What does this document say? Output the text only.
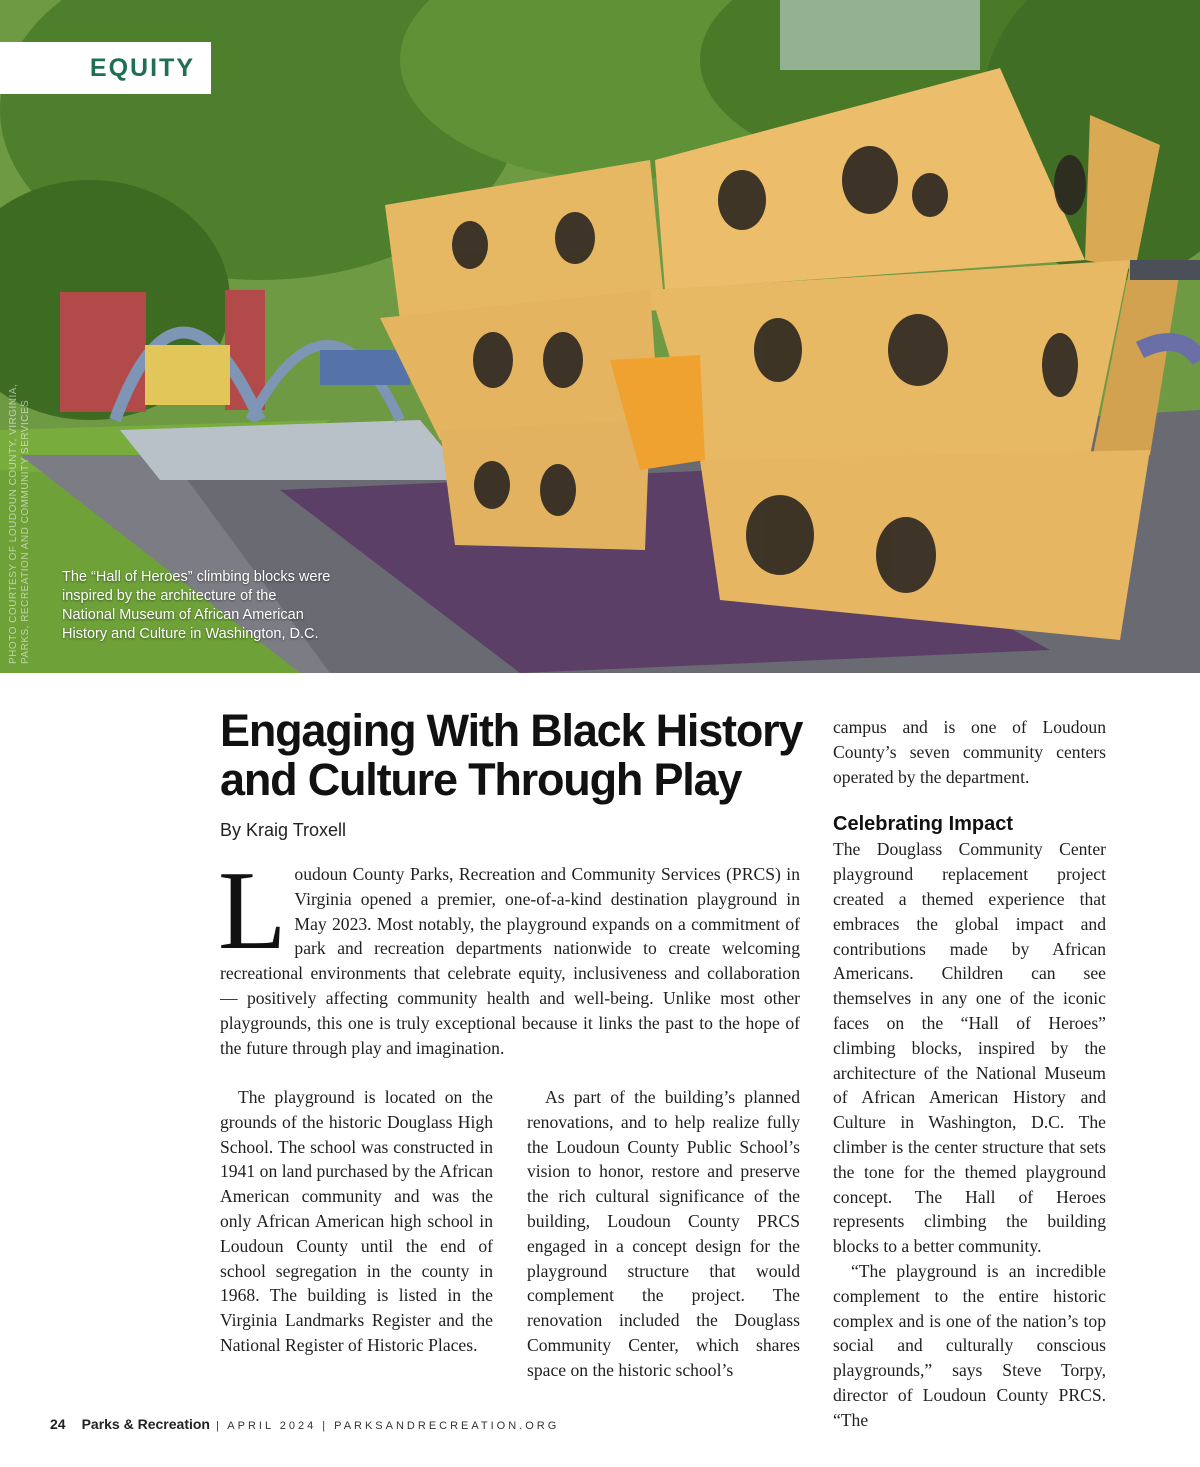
EQUITY
The “Hall of Heroes” climbing blocks were inspired by the architecture of the National Museum of African American History and Culture in Washington, D.C.
PHOTO COURTESY OF LOUDOUN COUNTY, VIRGINIA, PARKS, RECREATION AND COMMUNITY SERVICES
Engaging With Black History and Culture Through Play
By Kraig Troxell
Loudoun County Parks, Recreation and Community Services (PRCS) in Virginia opened a premier, one-of-a-kind destination playground in May 2023. Most notably, the playground expands on a commitment of park and recreation departments nationwide to create welcoming recreational environments that celebrate equity, inclusiveness and collaboration — positively affecting community health and well-being. Unlike most other playgrounds, this one is truly exceptional because it links the past to the hope of the future through play and imagination.

The playground is located on the grounds of the historic Douglass High School. The school was constructed in 1941 on land purchased by the African American community and was the only African American high school in Loudoun County until the end of school segregation in the county in 1968. The building is listed in the Virginia Landmarks Register and the National Register of Historic Places.

As part of the building’s planned renovations, and to help realize fully the Loudoun County Public School’s vision to honor, restore and preserve the rich cultural significance of the building, Loudoun County PRCS engaged in a concept design for the playground structure that would complement the project. The renovation included the Douglass Community Center, which shares space on the historic school’s

campus and is one of Loudoun County’s seven community centers operated by the department.

Celebrating Impact

The Douglass Community Center playground replacement project created a themed experience that embraces the global impact and contributions made by African Americans. Children can see themselves in any one of the iconic faces on the “Hall of Heroes” climbing blocks, inspired by the architecture of the National Museum of African American History and Culture in Washington, D.C. The climber is the center structure that sets the tone for the themed playground concept. The Hall of Heroes represents climbing the building blocks to a better community.

“The playground is an incredible complement to the entire historic complex and is one of the nation’s top social and culturally conscious playgrounds,” says Steve Torpy, director of Loudoun County PRCS. “The

24 Parks & Recreation | APRIL 2024 | PARKSANDRECREATION.ORG
